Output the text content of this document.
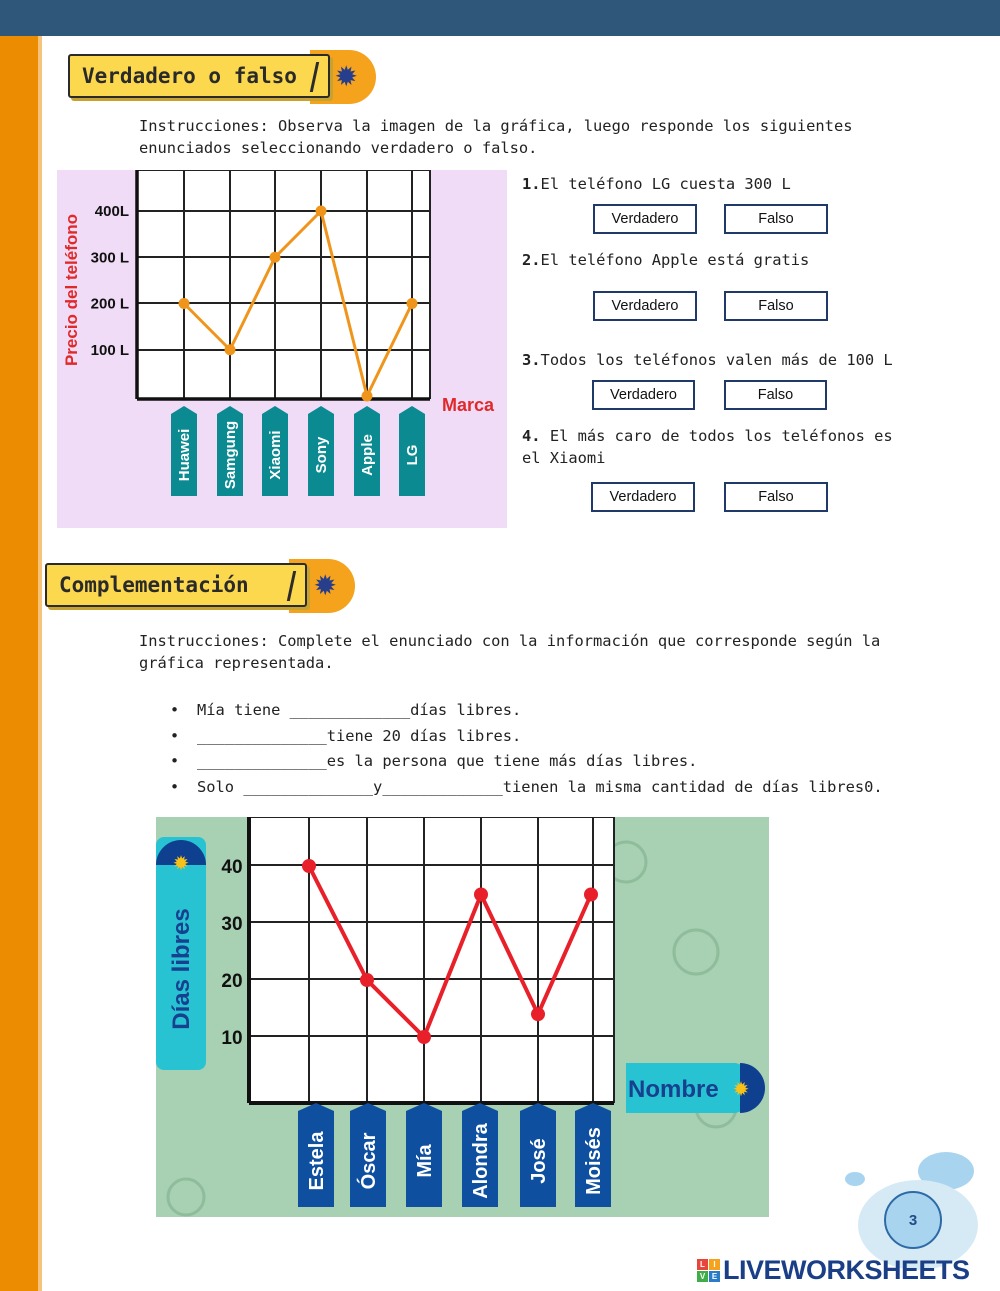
✹
Verdadero o falso
Instrucciones: Observa la imagen de la gráfica, luego responde los siguientes
enunciados seleccionando verdadero o falso.
100 L
200 L
300 L
400L
Precio del teléfono
Marca
Huawei Samgung Xiaomi Sony Apple LG
1.El teléfono LG cuesta 300 L
Verdadero	Falso
2.El teléfono Apple está gratis
Verdadero	Falso
3.Todos los teléfonos valen más de 100 L
Verdadero	Falso
4. El más caro de todos los teléfonos es
el Xiaomi
Verdadero	Falso
✹
Complementación
Instrucciones: Complete el enunciado con la información que corresponde según la
gráfica representada.
• Mía tiene _____________días libres.
• ______________tiene 20 días libres.
• ______________es la persona que tiene más días libres.
• Solo ______________y_____________tienen la misma cantidad de días libres0.
10
20
30
40
✹
Días libres
Nombre ✹
Estela Óscar Mía Alondra José Moisés
3
L	I
V E LIVEWORKSHEETS
